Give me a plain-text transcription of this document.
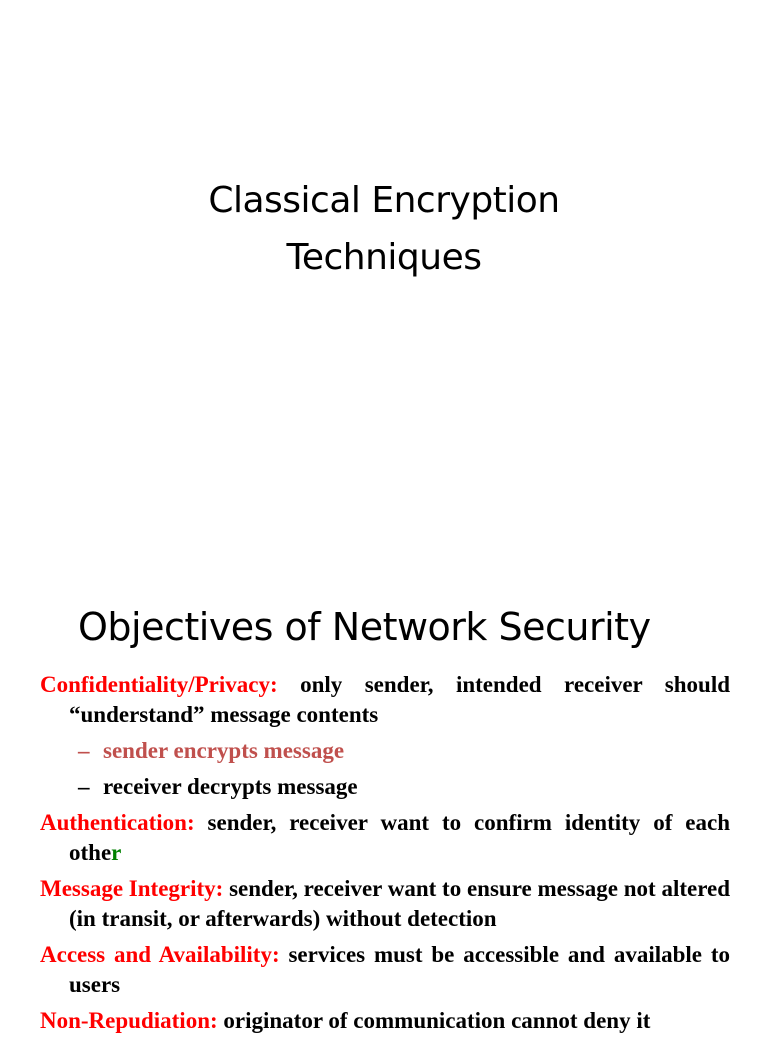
Classical Encryption
Techniques
Objectives of Network Security

Confidentiality/Privacy: only sender, intended receiver should “understand” message contents

– sender encrypts message

– receiver decrypts message

Authentication: sender, receiver want to confirm identity of each other

Message Integrity: sender, receiver want to ensure message not altered (in transit, or afterwards) without detection

Access and Availability: services must be accessible and available to users

Non-Repudiation: originator of communication cannot deny it
